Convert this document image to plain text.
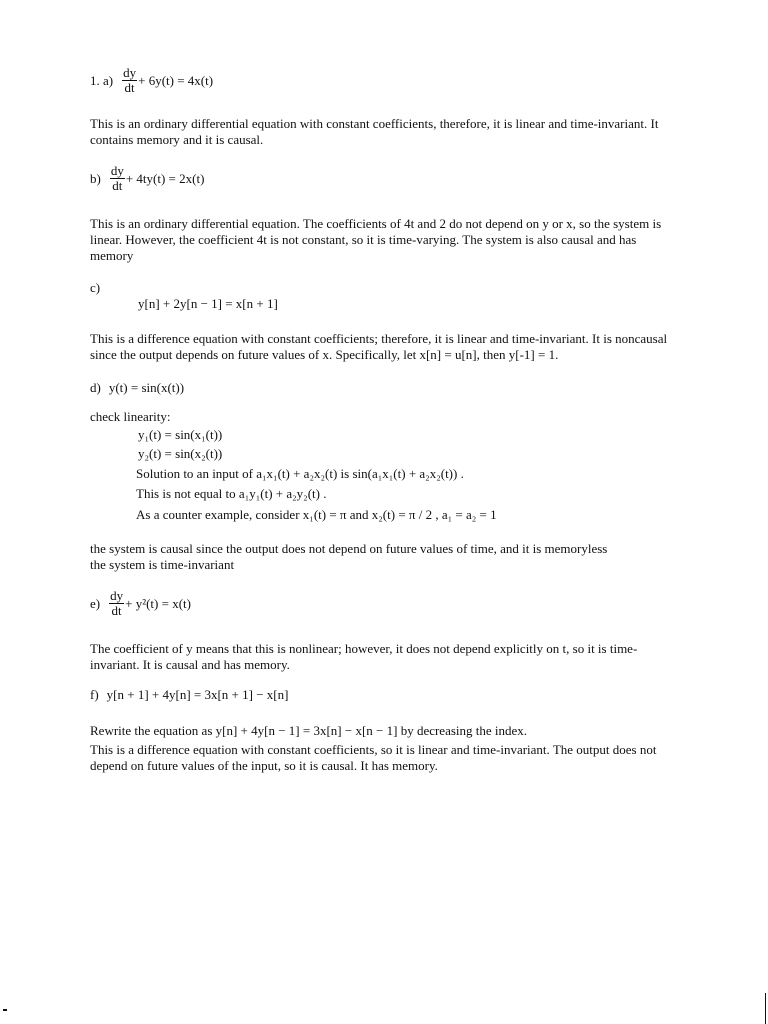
1. $a) \frac{dy}{dt} + 6y(t) = 4x(t)$
This is an ordinary differential equation with constant coefficients, therefore, it is linear and time-invariant. It contains memory and it is causal.
$b) \frac{dy}{dt} + 4ty(t) = 2x(t)$
This is an ordinary differential equation. The coefficients of 4t and 2 do not depend on y or x, so the system is linear. However, the coefficient 4t is not constant, so it is time-varying. The system is also causal and has memory
c)
y[n] + 2y[n − 1] = x[n + 1]
This is a difference equation with constant coefficients; therefore, it is linear and time-invariant. It is noncausal since the output depends on future values of x. Specifically, let x[n] = u[n], then y[-1] = 1.
d) y(t) = sin(x(t))
check linearity:
y₁(t) = sin(x₁(t))
y₂(t) = sin(x₂(t))
Solution to an input of a₁x₁(t) + a₂x₂(t) is sin(a₁x₁(t) + a₂x₂(t)) .
This is not equal to a₁y₁(t) + a₂y₂(t) .
As a counter example, consider x₁(t) = π and x₂(t) = π / 2 , a₁ = a₂ = 1
the system is causal since the output does not depend on future values of time, and it is memoryless
the system is time-invariant
$e) \frac{dy}{dt} + y^2(t) = x(t)$
The coefficient of y means that this is nonlinear; however, it does not depend explicitly on t, so it is time-invariant. It is causal and has memory.
f) y[n + 1] + 4y[n] = 3x[n + 1] − x[n]
Rewrite the equation as y[n] + 4y[n − 1] = 3x[n] − x[n − 1] by decreasing the index.
This is a difference equation with constant coefficients, so it is linear and time-invariant. The output does not depend on future values of the input, so it is causal. It has memory.
